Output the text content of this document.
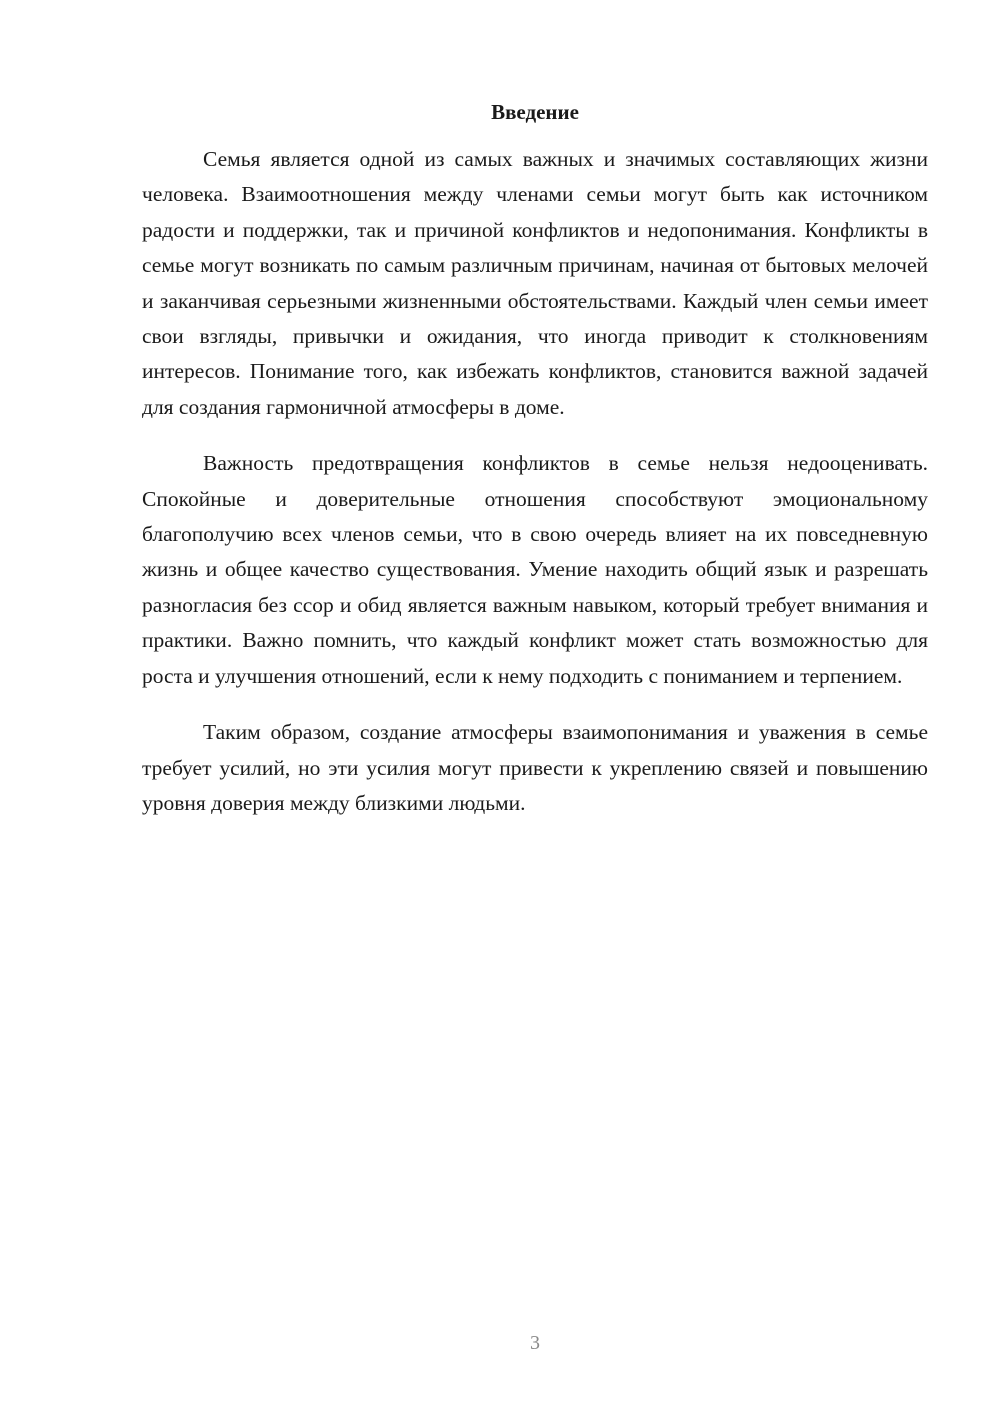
Введение

Семья является одной из самых важных и значимых составляющих жизни человека. Взаимоотношения между членами семьи могут быть как источником радости и поддержки, так и причиной конфликтов и недопонимания. Конфликты в семье могут возникать по самым различным причинам, начиная от бытовых мелочей и заканчивая серьезными жизненными обстоятельствами. Каждый член семьи имеет свои взгляды, привычки и ожидания, что иногда приводит к столкновениям интересов. Понимание того, как избежать конфликтов, становится важной задачей для создания гармоничной атмосферы в доме.

Важность предотвращения конфликтов в семье нельзя недооценивать. Спокойные и доверительные отношения способствуют эмоциональному благополучию всех членов семьи, что в свою очередь влияет на их повседневную жизнь и общее качество существования. Умение находить общий язык и разрешать разногласия без ссор и обид является важным навыком, который требует внимания и практики. Важно помнить, что каждый конфликт может стать возможностью для роста и улучшения отношений, если к нему подходить с пониманием и терпением.

Таким образом, создание атмосферы взаимопонимания и уважения в семье требует усилий, но эти усилия могут привести к укреплению связей и повышению уровня доверия между близкими людьми.

3
